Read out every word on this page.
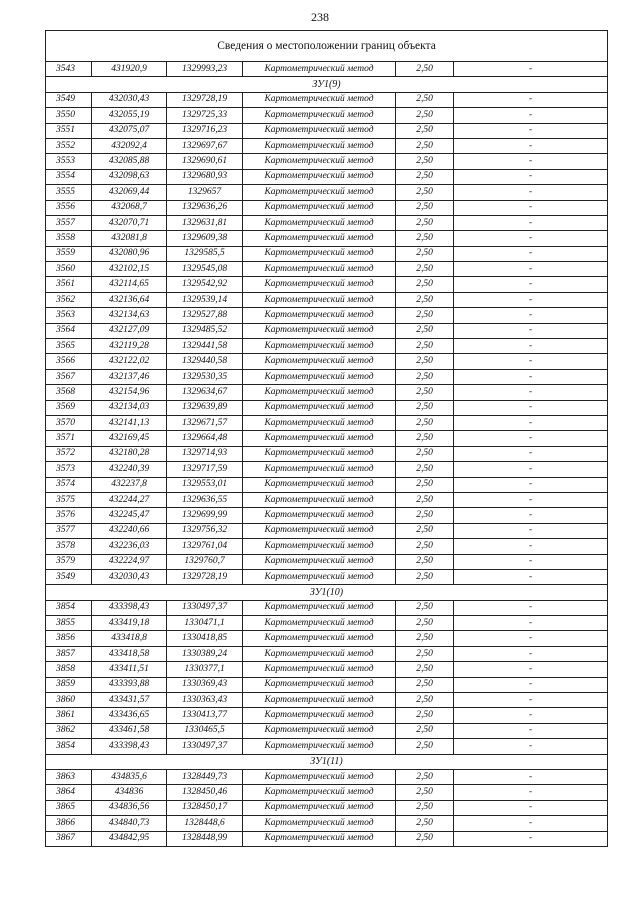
238
Сведения о местоположении границ объекта					
3543	431920,9	1329993,23	Картометрический метод	2,50	-
ЗУ1(9)					
3549	432030,43	1329728,19	Картометрический метод	2,50	-
3550	432055,19	1329725,33	Картометрический метод	2,50	-
3551	432075,07	1329716,23	Картометрический метод	2,50	-
3552	432092,4	1329697,67	Картометрический метод	2,50	-
3553	432085,88	1329690,61	Картометрический метод	2,50	-
3554	432098,63	1329680,93	Картометрический метод	2,50	-
3555	432069,44	1329657	Картометрический метод	2,50	-
3556	432068,7	1329636,26	Картометрический метод	2,50	-
3557	432070,71	1329631,81	Картометрический метод	2,50	-
3558	432081,8	1329609,38	Картометрический метод	2,50	-
3559	432080,96	1329585,5	Картометрический метод	2,50	-
3560	432102,15	1329545,08	Картометрический метод	2,50	-
3561	432114,65	1329542,92	Картометрический метод	2,50	-
3562	432136,64	1329539,14	Картометрический метод	2,50	-
3563	432134,63	1329527,88	Картометрический метод	2,50	-
3564	432127,09	1329485,52	Картометрический метод	2,50	-
3565	432119,28	1329441,58	Картометрический метод	2,50	-
3566	432122,02	1329440,58	Картометрический метод	2,50	-
3567	432137,46	1329530,35	Картометрический метод	2,50	-
3568	432154,96	1329634,67	Картометрический метод	2,50	-
3569	432134,03	1329639,89	Картометрический метод	2,50	-
3570	432141,13	1329671,57	Картометрический метод	2,50	-
3571	432169,45	1329664,48	Картометрический метод	2,50	-
3572	432180,28	1329714,93	Картометрический метод	2,50	-
3573	432240,39	1329717,59	Картометрический метод	2,50	-
3574	432237,8	1329553,01	Картометрический метод	2,50	-
3575	432244,27	1329636,55	Картометрический метод	2,50	-
3576	432245,47	1329699,99	Картометрический метод	2,50	-
3577	432240,66	1329756,32	Картометрический метод	2,50	-
3578	432236,03	1329761,04	Картометрический метод	2,50	-
3579	432224,97	1329760,7	Картометрический метод	2,50	-
3549	432030,43	1329728,19	Картометрический метод	2,50	-
ЗУ1(10)					
3854	433398,43	1330497,37	Картометрический метод	2,50	-
3855	433419,18	1330471,1	Картометрический метод	2,50	-
3856	433418,8	1330418,85	Картометрический метод	2,50	-
3857	433418,58	1330389,24	Картометрический метод	2,50	-
3858	433411,51	1330377,1	Картометрический метод	2,50	-
3859	433393,88	1330369,43	Картометрический метод	2,50	-
3860	433431,57	1330363,43	Картометрический метод	2,50	-
3861	433436,65	1330413,77	Картометрический метод	2,50	-
3862	433461,58	1330465,5	Картометрический метод	2,50	-
3854	433398,43	1330497,37	Картометрический метод	2,50	-
ЗУ1(11)					
3863	434835,6	1328449,73	Картометрический метод	2,50	-
3864	434836	1328450,46	Картометрический метод	2,50	-
3865	434836,56	1328450,17	Картометрический метод	2,50	-
3866	434840,73	1328448,6	Картометрический метод	2,50	-
3867	434842,95	1328448,99	Картометрический метод	2,50	-
